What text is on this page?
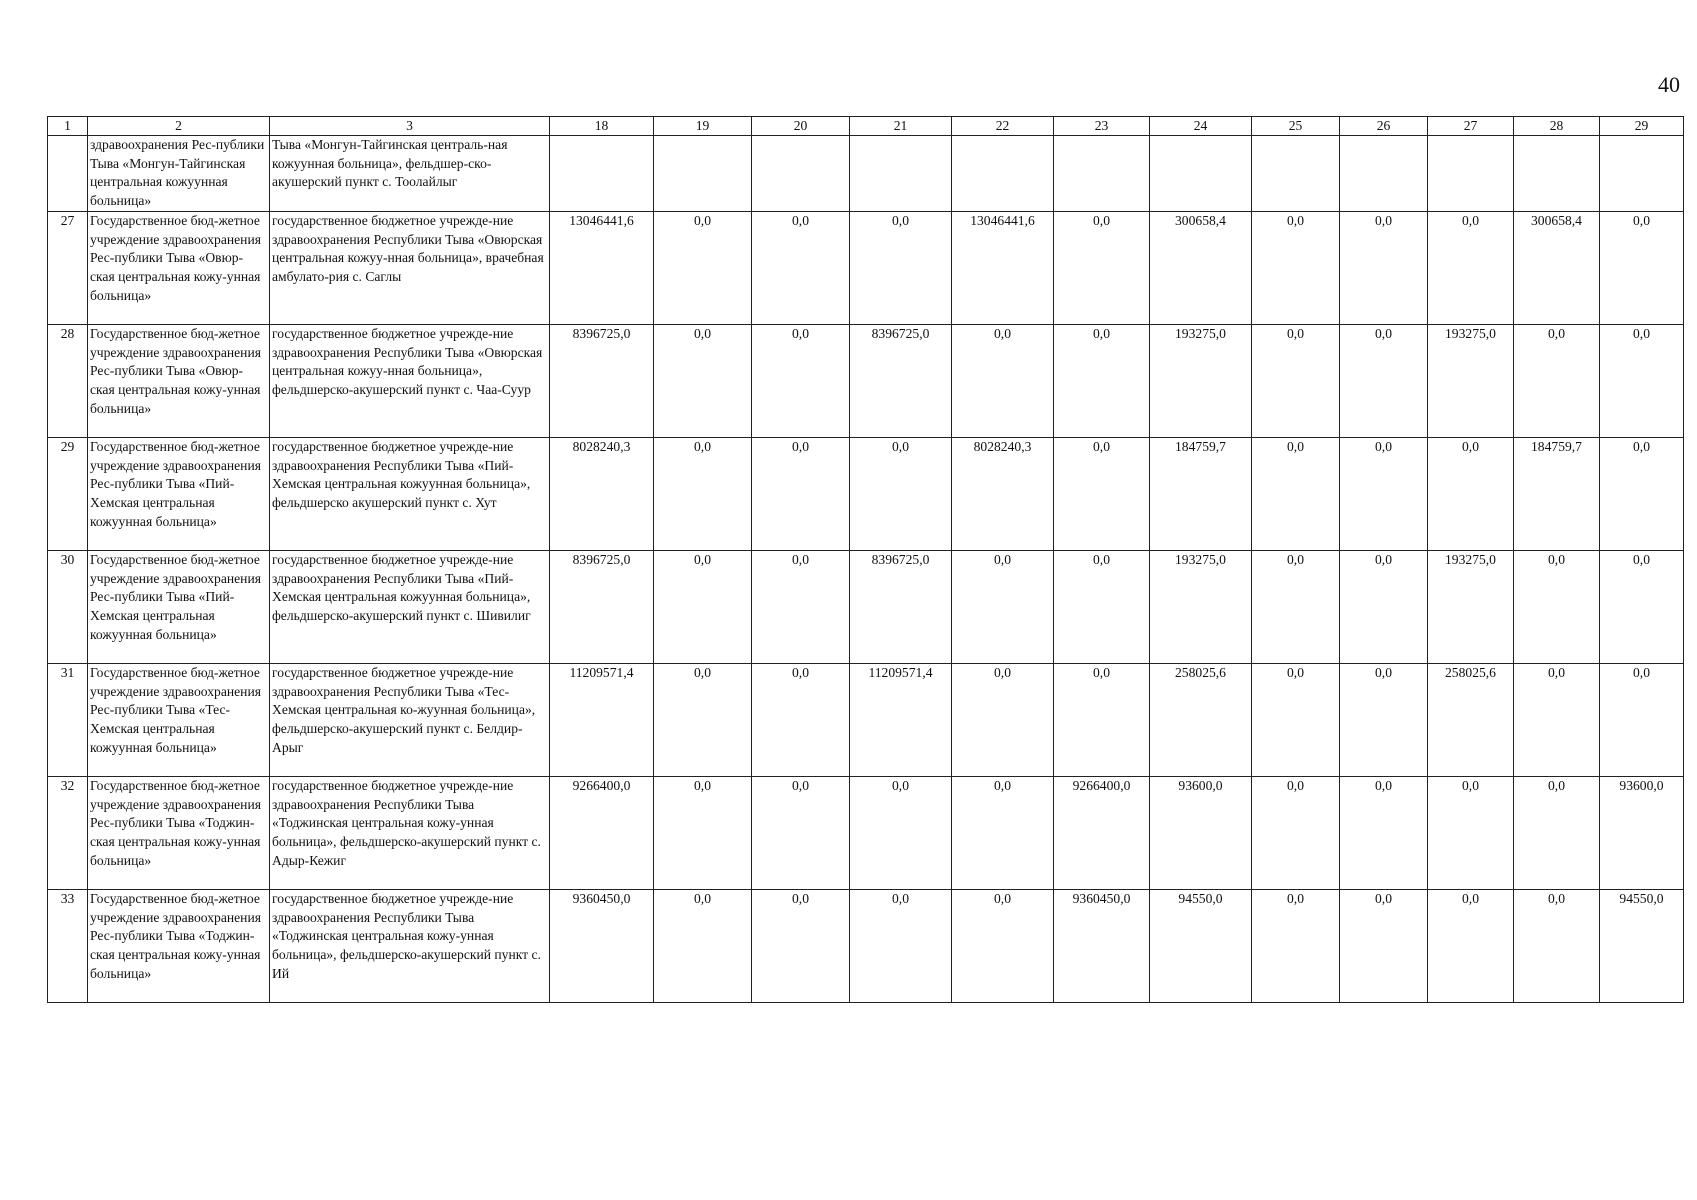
40
1	2	3	18	19	20	21	22	23	24	25	26	27	28	29
	здравоохранения Рес-публики Тыва «Монгун-Тайгинская центральная кожуунная больница»	Тыва «Монгун-Тайгинская централь-ная кожуунная больница», фельдшер-ско-акушерский пункт с. Тоолайлыг												
27	Государственное бюд-жетное учреждение здравоохранения Рес-публики Тыва «Овюр-ская центральная кожу-унная больница»	государственное бюджетное учрежде-ние здравоохранения Республики Тыва «Овюрская центральная кожуу-нная больница», врачебная амбулато-рия с. Саглы	13046441,6	0,0	0,0	0,0	13046441,6	0,0	300658,4	0,0	0,0	0,0	300658,4	0,0
28	Государственное бюд-жетное учреждение здравоохранения Рес-публики Тыва «Овюр-ская центральная кожу-унная больница»	государственное бюджетное учрежде-ние здравоохранения Республики Тыва «Овюрская центральная кожуу-нная больница», фельдшерско-акушерский пункт с. Чаа-Суур	8396725,0	0,0	0,0	8396725,0	0,0	0,0	193275,0	0,0	0,0	193275,0	0,0	0,0
29	Государственное бюд-жетное учреждение здравоохранения Рес-публики Тыва «Пий-Хемская центральная кожуунная больница»	государственное бюджетное учрежде-ние здравоохранения Республики Тыва «Пий-Хемская центральная кожуунная больница», фельдшерско акушерский пункт с. Хут	8028240,3	0,0	0,0	0,0	8028240,3	0,0	184759,7	0,0	0,0	0,0	184759,7	0,0
30	Государственное бюд-жетное учреждение здравоохранения Рес-публики Тыва «Пий-Хемская центральная кожуунная больница»	государственное бюджетное учрежде-ние здравоохранения Республики Тыва «Пий-Хемская центральная кожуунная больница», фельдшерско-акушерский пункт с. Шивилиг	8396725,0	0,0	0,0	8396725,0	0,0	0,0	193275,0	0,0	0,0	193275,0	0,0	0,0
31	Государственное бюд-жетное учреждение здравоохранения Рес-публики Тыва «Тес-Хемская центральная кожуунная больница»	государственное бюджетное учрежде-ние здравоохранения Республики Тыва «Тес-Хемская центральная ко-жуунная больница», фельдшерско-акушерский пункт с. Белдир-Арыг	11209571,4	0,0	0,0	11209571,4	0,0	0,0	258025,6	0,0	0,0	258025,6	0,0	0,0
32	Государственное бюд-жетное учреждение здравоохранения Рес-публики Тыва «Тоджин-ская центральная кожу-унная больница»	государственное бюджетное учрежде-ние здравоохранения Республики Тыва «Тоджинская центральная кожу-унная больница», фельдшерско-акушерский пункт с. Адыр-Кежиг	9266400,0	0,0	0,0	0,0	0,0	9266400,0	93600,0	0,0	0,0	0,0	0,0	93600,0
33	Государственное бюд-жетное учреждение здравоохранения Рес-публики Тыва «Тоджин-ская центральная кожу-унная больница»	государственное бюджетное учрежде-ние здравоохранения Республики Тыва «Тоджинская центральная кожу-унная больница», фельдшерско-акушерский пункт с. Ий	9360450,0	0,0	0,0	0,0	0,0	9360450,0	94550,0	0,0	0,0	0,0	0,0	94550,0
